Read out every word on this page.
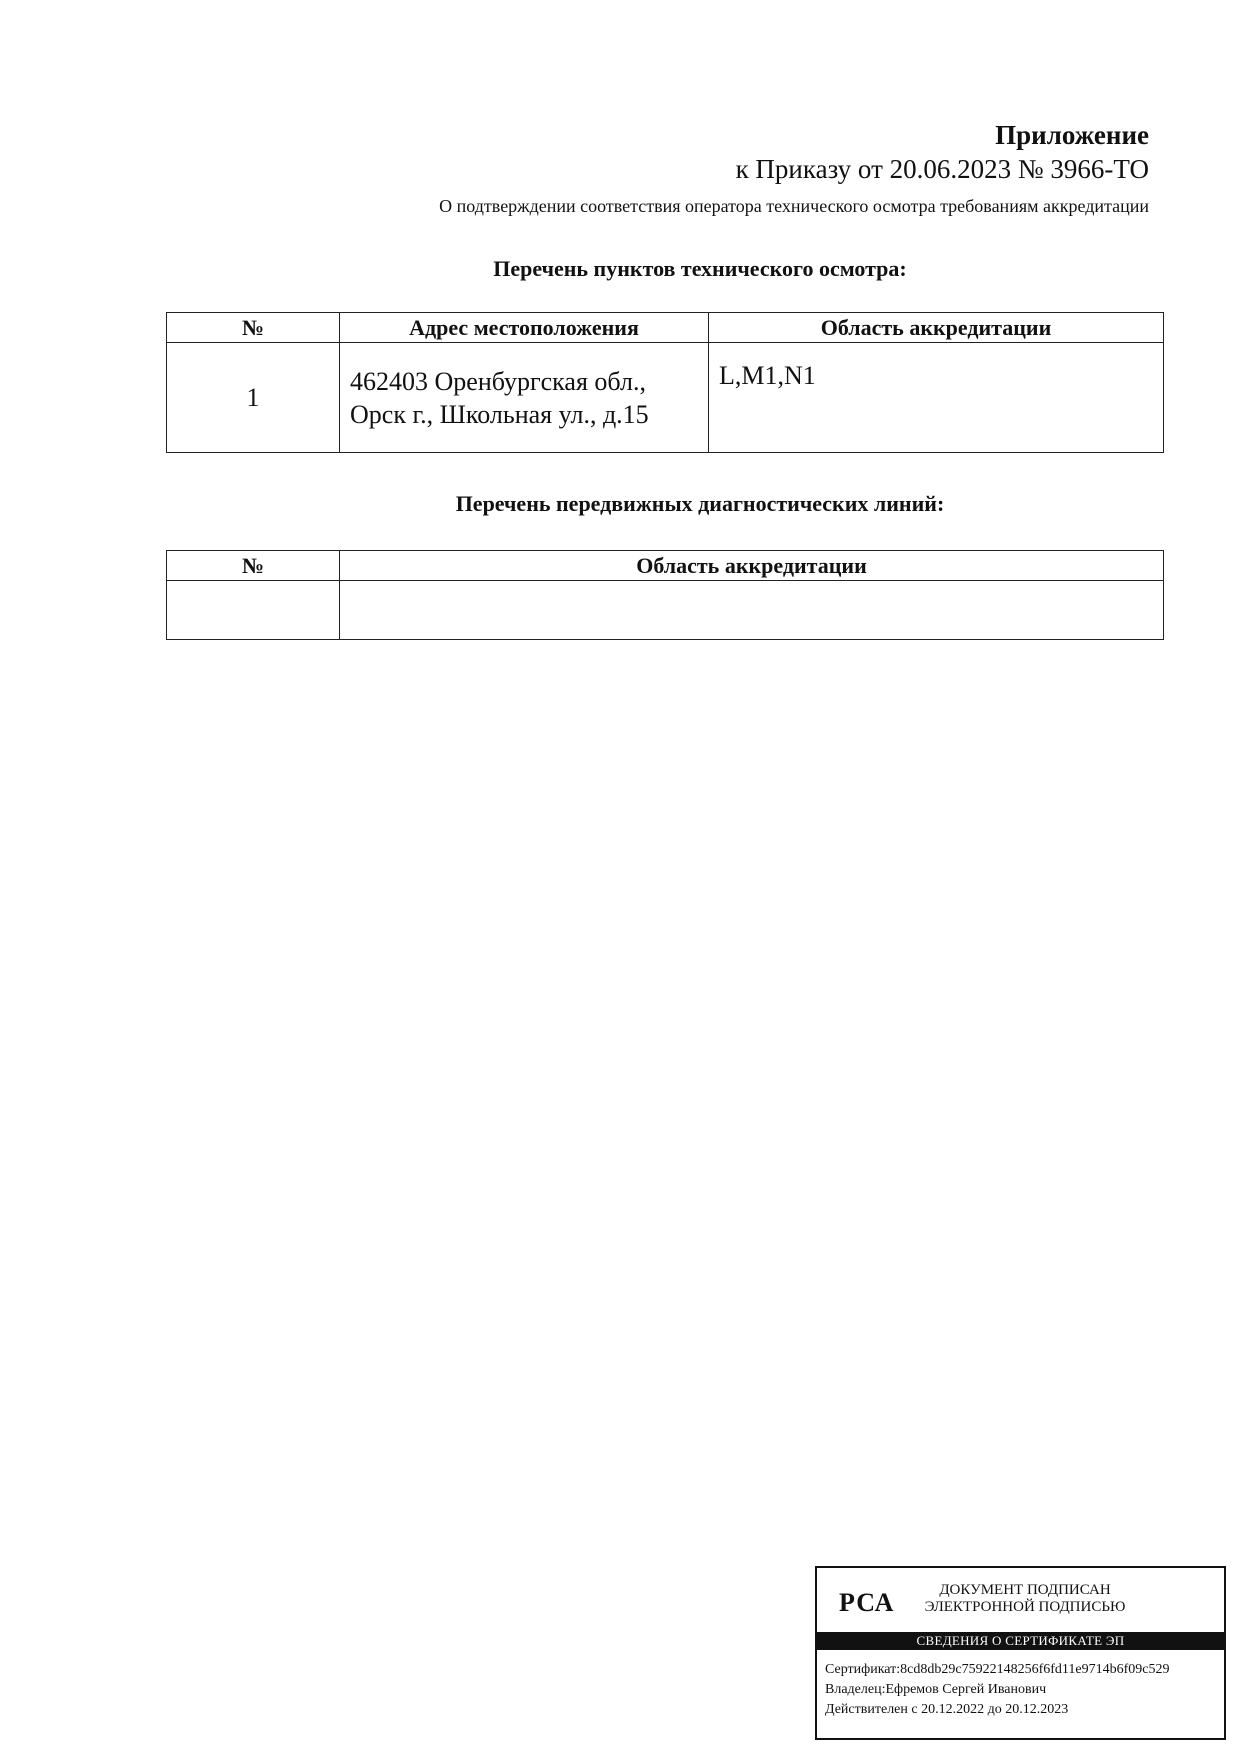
Приложение
к Приказу от 20.06.2023 № 3966-ТО
О подтверждении соответствия оператора технического осмотра требованиям аккредитации
Перечень пунктов технического осмотра:
№	Адрес местоположения	Область аккредитации
1	462403 Оренбургская обл.,
Орск г., Школьная ул., д.15	L,M1,N1
Перечень передвижных диагностических линий:
№	Область аккредитации

РСА	ДОКУМЕНТ ПОДПИСАН
ЭЛЕКТРОННОЙ ПОДПИСЬЮ
СВЕДЕНИЯ О СЕРТИФИКАТЕ ЭП
Сертификат:8cd8db29c75922148256f6fd11e9714b6f09c529
Владелец:Ефремов Сергей Иванович
Действителен с 20.12.2022 до 20.12.2023
